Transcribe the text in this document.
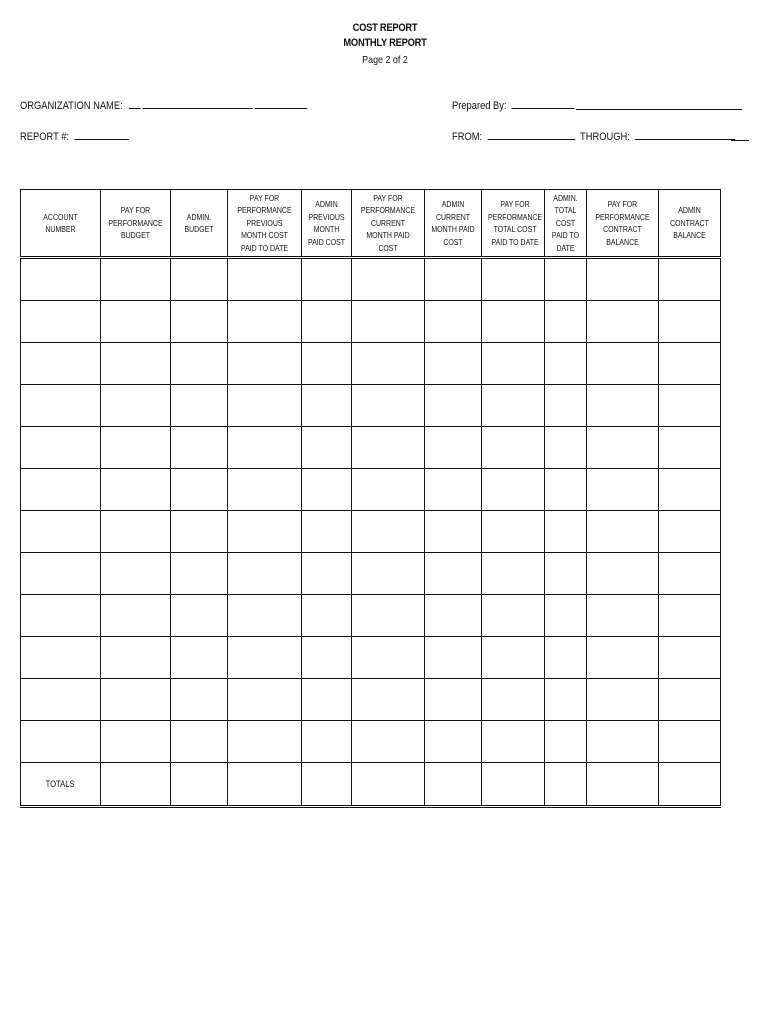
COST REPORT
MONTHLY REPORT
Page 2 of 2
ORGANIZATION NAME:	Prepared By:
REPORT #:	FROM:	THROUGH:
ACCOUNT NUMBER	PAY FOR PERFORMANCE BUDGET	ADMIN. BUDGET	PAY FOR PERFORMANCE PREVIOUS MONTH COST PAID TO DATE	ADMIN PREVIOUS MONTH PAID COST	PAY FOR PERFORMANCE CURRENT MONTH PAID COST	ADMIN CURRENT MONTH PAID COST	PAY FOR PERFORMANCE TOTAL COST PAID TO DATE	ADMIN. TOTAL COST PAID TO DATE	PAY FOR PERFORMANCE CONTRACT BALANCE	ADMIN CONTRACT BALANCE

TOTALS										
